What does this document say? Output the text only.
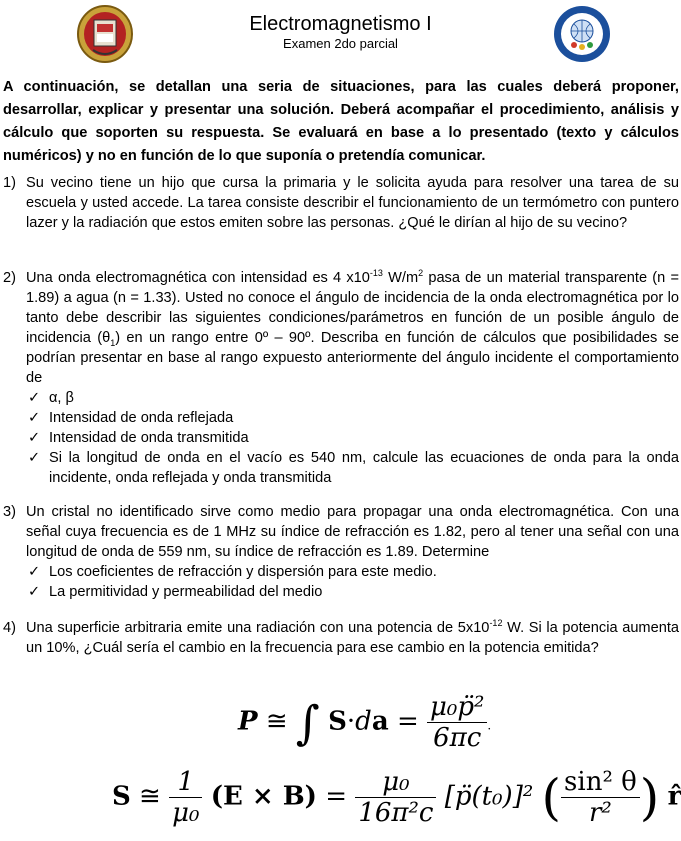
Electromagnetismo I
Examen 2do parcial
A continuación, se detallan una seria de situaciones, para las cuales deberá proponer, desarrollar, explicar y presentar una solución. Deberá acompañar el procedimiento, análisis y cálculo que soporten su respuesta. Se evaluará en base a lo presentado (texto y cálculos numéricos) y no en función de lo que suponía o pretendía comunicar.
1) Su vecino tiene un hijo que cursa la primaria y le solicita ayuda para resolver una tarea de su escuela y usted accede. La tarea consiste describir el funcionamiento de un termómetro con puntero lazer y la radiación que estos emiten sobre las personas. ¿Qué le dirían al hijo de su vecino?
2) Una onda electromagnética con intensidad es 4 $x10^{-13}$ $W/m^2$ pasa de un material transparente (n = 1.89) a agua (n = 1.33). Usted no conoce el ángulo de incidencia de la onda electromagnética por lo tanto debe describir las siguientes condiciones/parámetros en función de un posible ángulo de incidencia $(\theta_1)$ en un rango entre 0º – 90º. Describa en función de cálculos que posibilidades se podrían presentar en base al rango expuesto anteriormente del ángulo incidente el comportamiento de
✓ α, β
✓ Intensidad de onda reflejada
✓ Intensidad de onda transmitida
✓ Si la longitud de onda en el vacío es 540 nm, calcule las ecuaciones de onda para la onda incidente, onda reflejada y onda transmitida
3) Un cristal no identificado sirve como medio para propagar una onda electromagnética. Con una señal cuya frecuencia es de 1 MHz su índice de refracción es 1.82, pero al tener una señal con una longitud de onda de 559 nm, su índice de refracción es 1.89. Determine
✓ Los coeficientes de refracción y dispersión para este medio.
✓ La permitividad y permeabilidad del medio
4) Una superficie arbitraria emite una radiación con una potencia de $5x10^{-12}$ W. Si la potencia aumenta un 10%, ¿Cuál sería el cambio en la frecuencia para ese cambio en la potencia emitida?
P ≅ ∫ $S\cdot da = \frac{\text{μ₀p̈²}}{6\pi c}$ .
S ≅ $\frac{1}{\text{μ₀}} (E \times B) = \frac{\text{μ₀}}{\text{16π²c}}$ [p̈(t₀)]² ( $\frac{\text{sin² θ}}{\text{r²}}$ ) r̂
